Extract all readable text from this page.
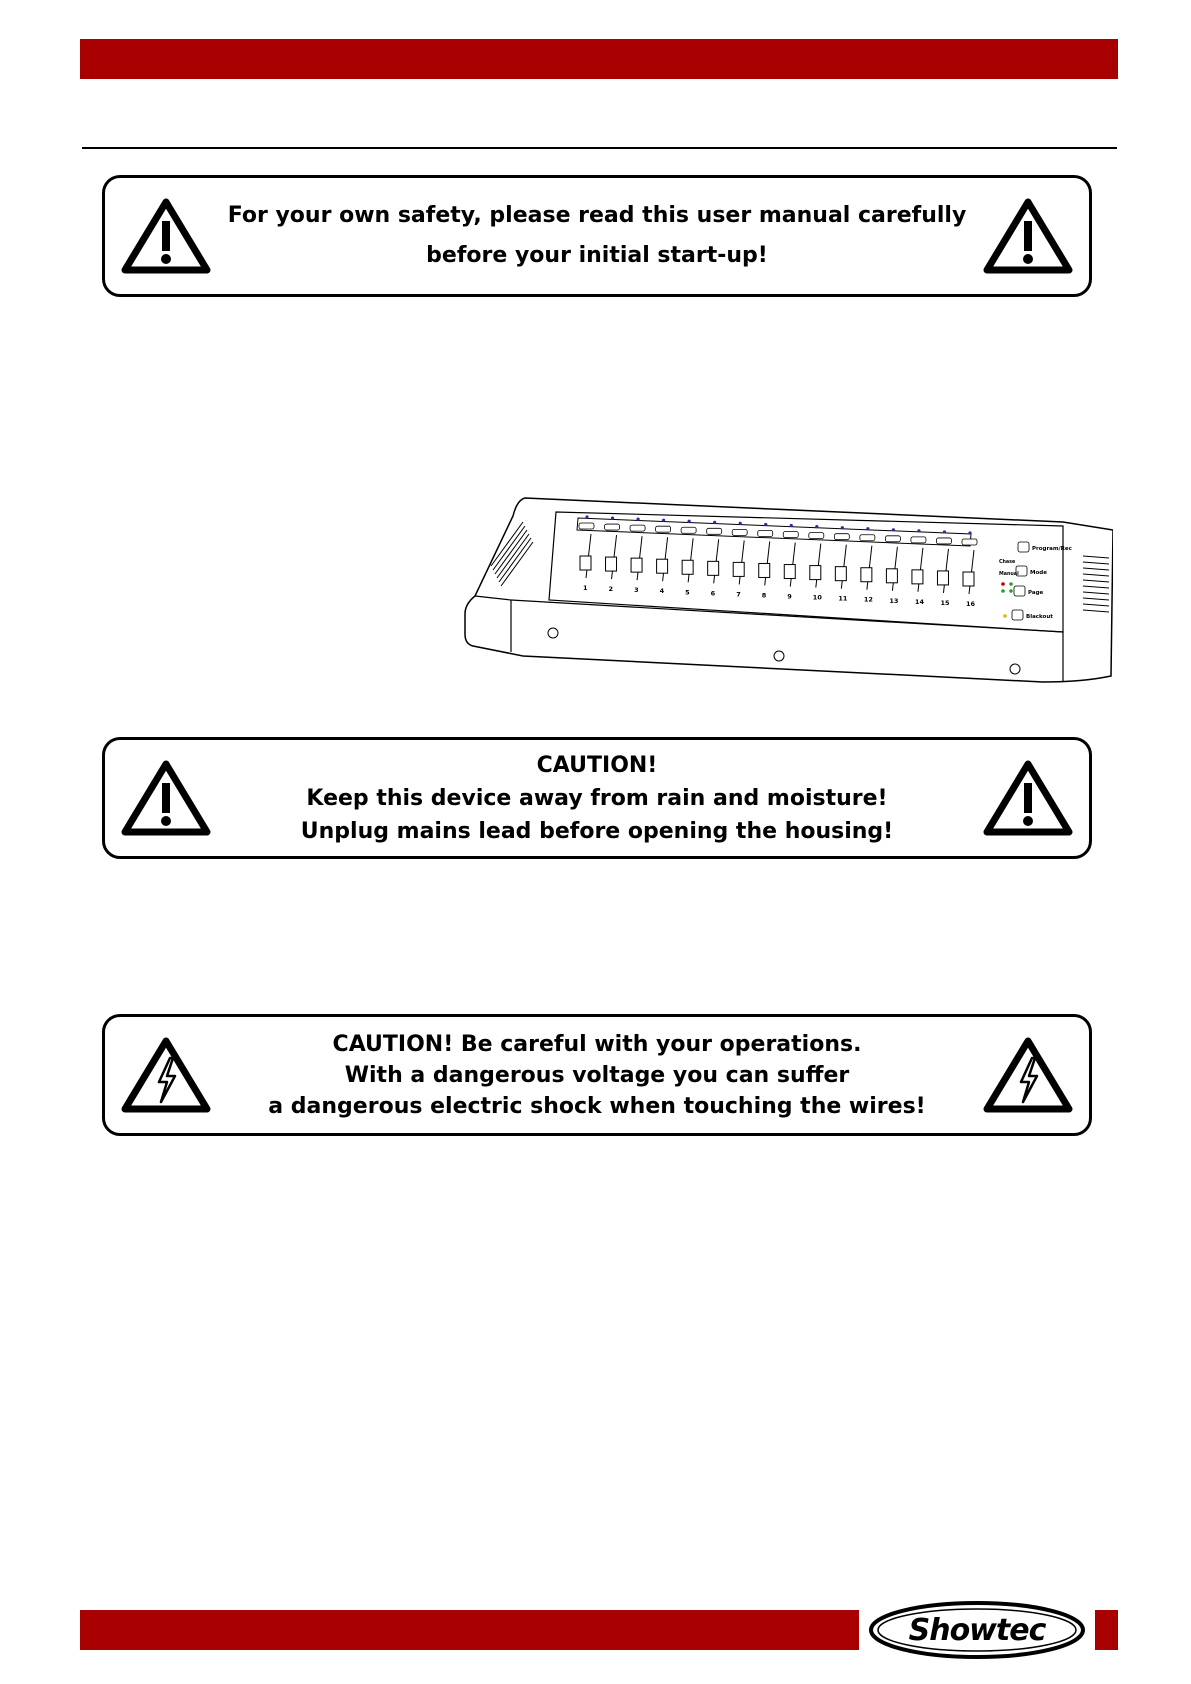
For your own safety, please read this user manual carefully
before your initial start-up!
1	2	3	4	5	6	7	8	9	10	11	12	13	14	15	16
Program/Rec
Mode
Page
Blackout
Chase
Manual
CAUTION!
Keep this device away from rain and moisture!
Unplug mains lead before opening the housing!
CAUTION! Be careful with your operations.
With a dangerous voltage you can suffer
a dangerous electric shock when touching the wires!
Showtec
